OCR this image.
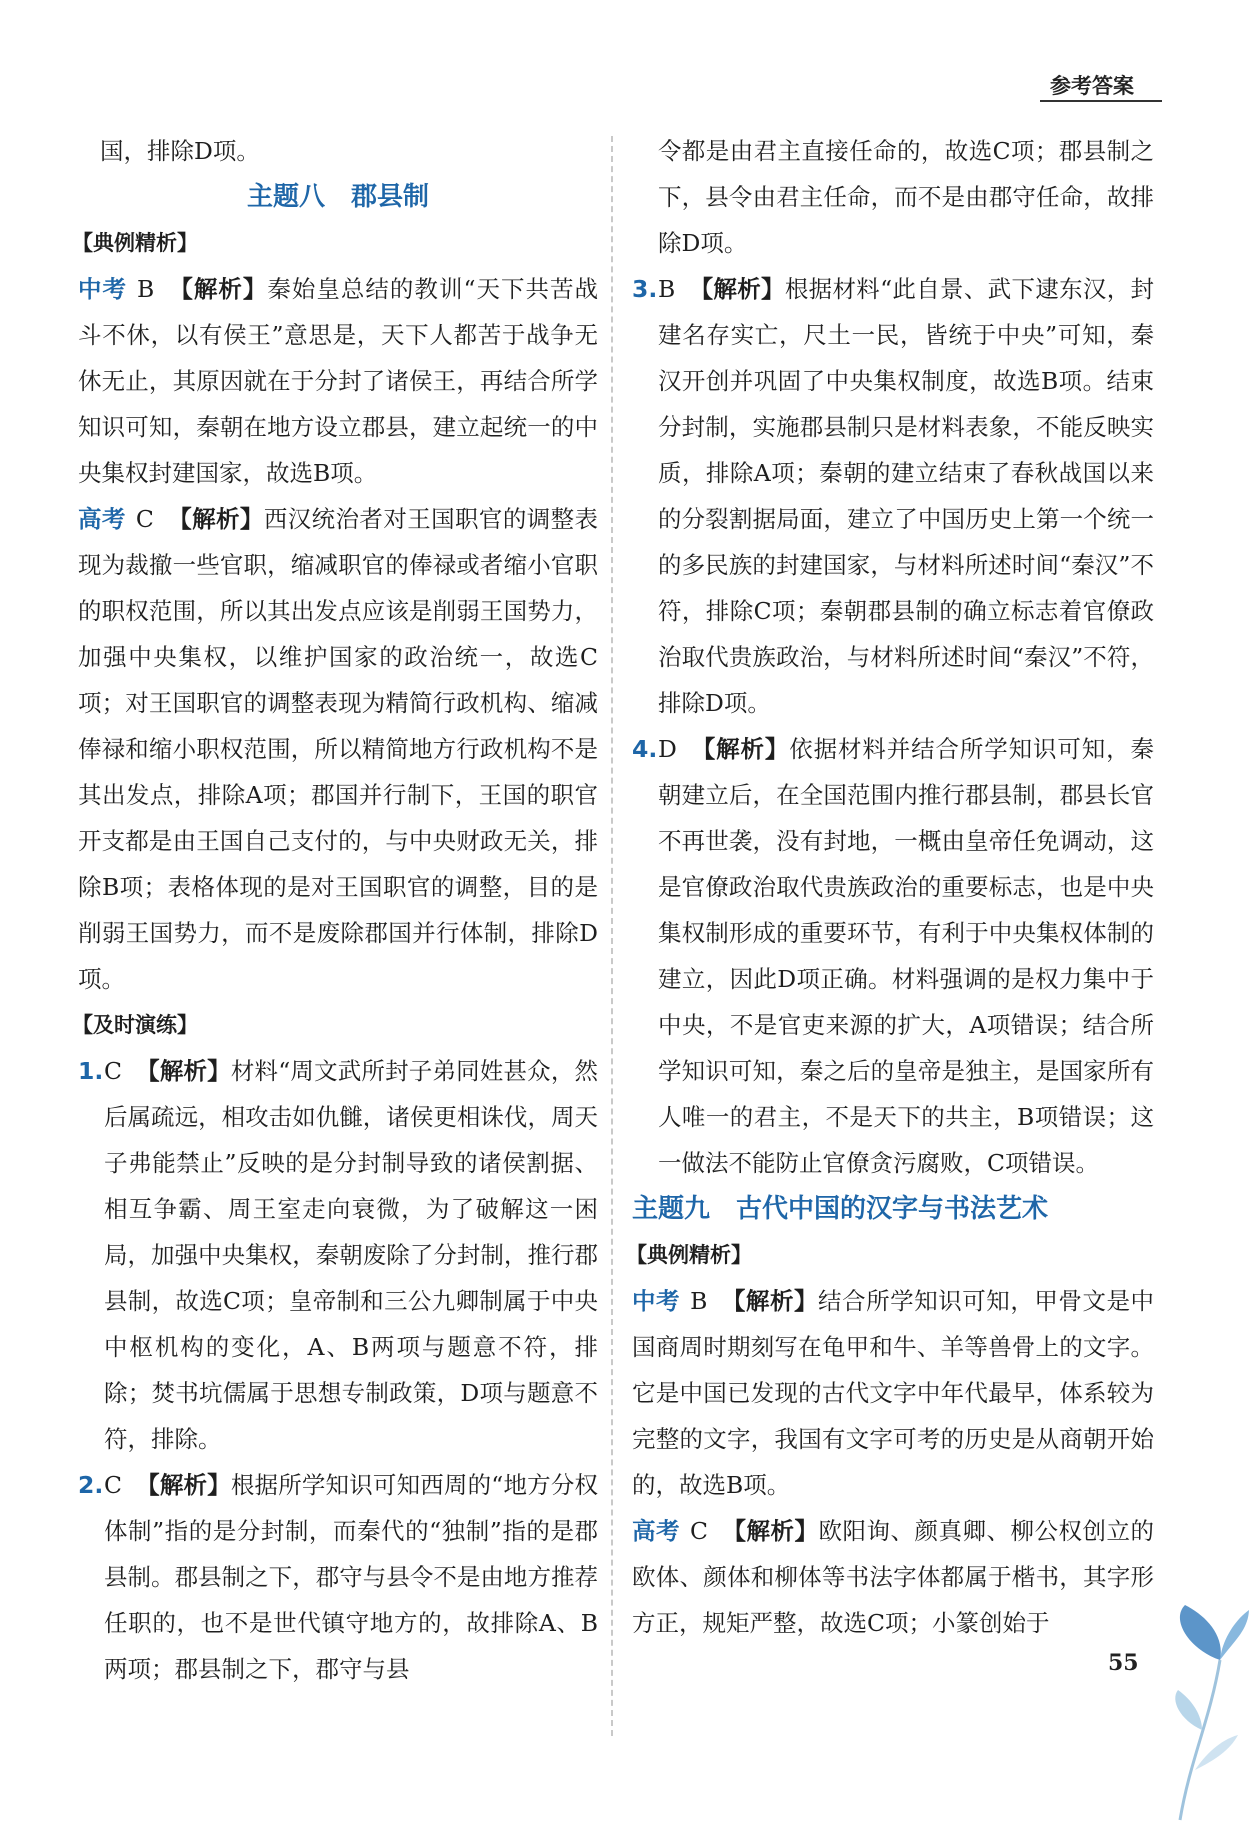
参考答案

国，排除D项。

主题八　郡县制

【典例精析】

中考 B 【解析】秦始皇总结的教训“天下共苦战斗不休，以有侯王”意思是，天下人都苦于战争无休无止，其原因就在于分封了诸侯王，再结合所学知识可知，秦朝在地方设立郡县，建立起统一的中央集权封建国家，故选B项。

高考 C 【解析】西汉统治者对王国职官的调整表现为裁撤一些官职，缩减职官的俸禄或者缩小官职的职权范围，所以其出发点应该是削弱王国势力，加强中央集权，以维护国家的政治统一，故选C项；对王国职官的调整表现为精简行政机构、缩减俸禄和缩小职权范围，所以精简地方行政机构不是其出发点，排除A项；郡国并行制下，王国的职官开支都是由王国自己支付的，与中央财政无关，排除B项；表格体现的是对王国职官的调整，目的是削弱王国势力，而不是废除郡国并行体制，排除D项。

【及时演练】

1.C 【解析】材料“周文武所封子弟同姓甚众，然后属疏远，相攻击如仇雠，诸侯更相诛伐，周天子弗能禁止”反映的是分封制导致的诸侯割据、相互争霸、周王室走向衰微，为了破解这一困局，加强中央集权，秦朝废除了分封制，推行郡县制，故选C项；皇帝制和三公九卿制属于中央中枢机构的变化，A、B两项与题意不符，排除；焚书坑儒属于思想专制政策，D项与题意不符，排除。

2.C 【解析】根据所学知识可知西周的“地方分权体制”指的是分封制，而秦代的“独制”指的是郡县制。郡县制之下，郡守与县令不是由地方推荐任职的，也不是世代镇守地方的，故排除A、B两项；郡县制之下，郡守与县

令都是由君主直接任命的，故选C项；郡县制之下，县令由君主任命，而不是由郡守任命，故排除D项。

3.B 【解析】根据材料“此自景、武下逮东汉，封建名存实亡，尺土一民，皆统于中央”可知，秦汉开创并巩固了中央集权制度，故选B项。结束分封制，实施郡县制只是材料表象，不能反映实质，排除A项；秦朝的建立结束了春秋战国以来的分裂割据局面，建立了中国历史上第一个统一的多民族的封建国家，与材料所述时间“秦汉”不符，排除C项；秦朝郡县制的确立标志着官僚政治取代贵族政治，与材料所述时间“秦汉”不符，排除D项。

4.D 【解析】依据材料并结合所学知识可知，秦朝建立后，在全国范围内推行郡县制，郡县长官不再世袭，没有封地，一概由皇帝任免调动，这是官僚政治取代贵族政治的重要标志，也是中央集权制形成的重要环节，有利于中央集权体制的建立，因此D项正确。材料强调的是权力集中于中央，不是官吏来源的扩大，A项错误；结合所学知识可知，秦之后的皇帝是独主，是国家所有人唯一的君主，不是天下的共主，B项错误；这一做法不能防止官僚贪污腐败，C项错误。

主题九　古代中国的汉字与书法艺术

【典例精析】

中考 B 【解析】结合所学知识可知，甲骨文是中国商周时期刻写在龟甲和牛、羊等兽骨上的文字。它是中国已发现的古代文字中年代最早，体系较为完整的文字，我国有文字可考的历史是从商朝开始的，故选B项。

高考 C 【解析】欧阳询、颜真卿、柳公权创立的欧体、颜体和柳体等书法字体都属于楷书，其字形方正，规矩严整，故选C项；小篆创始于

55
